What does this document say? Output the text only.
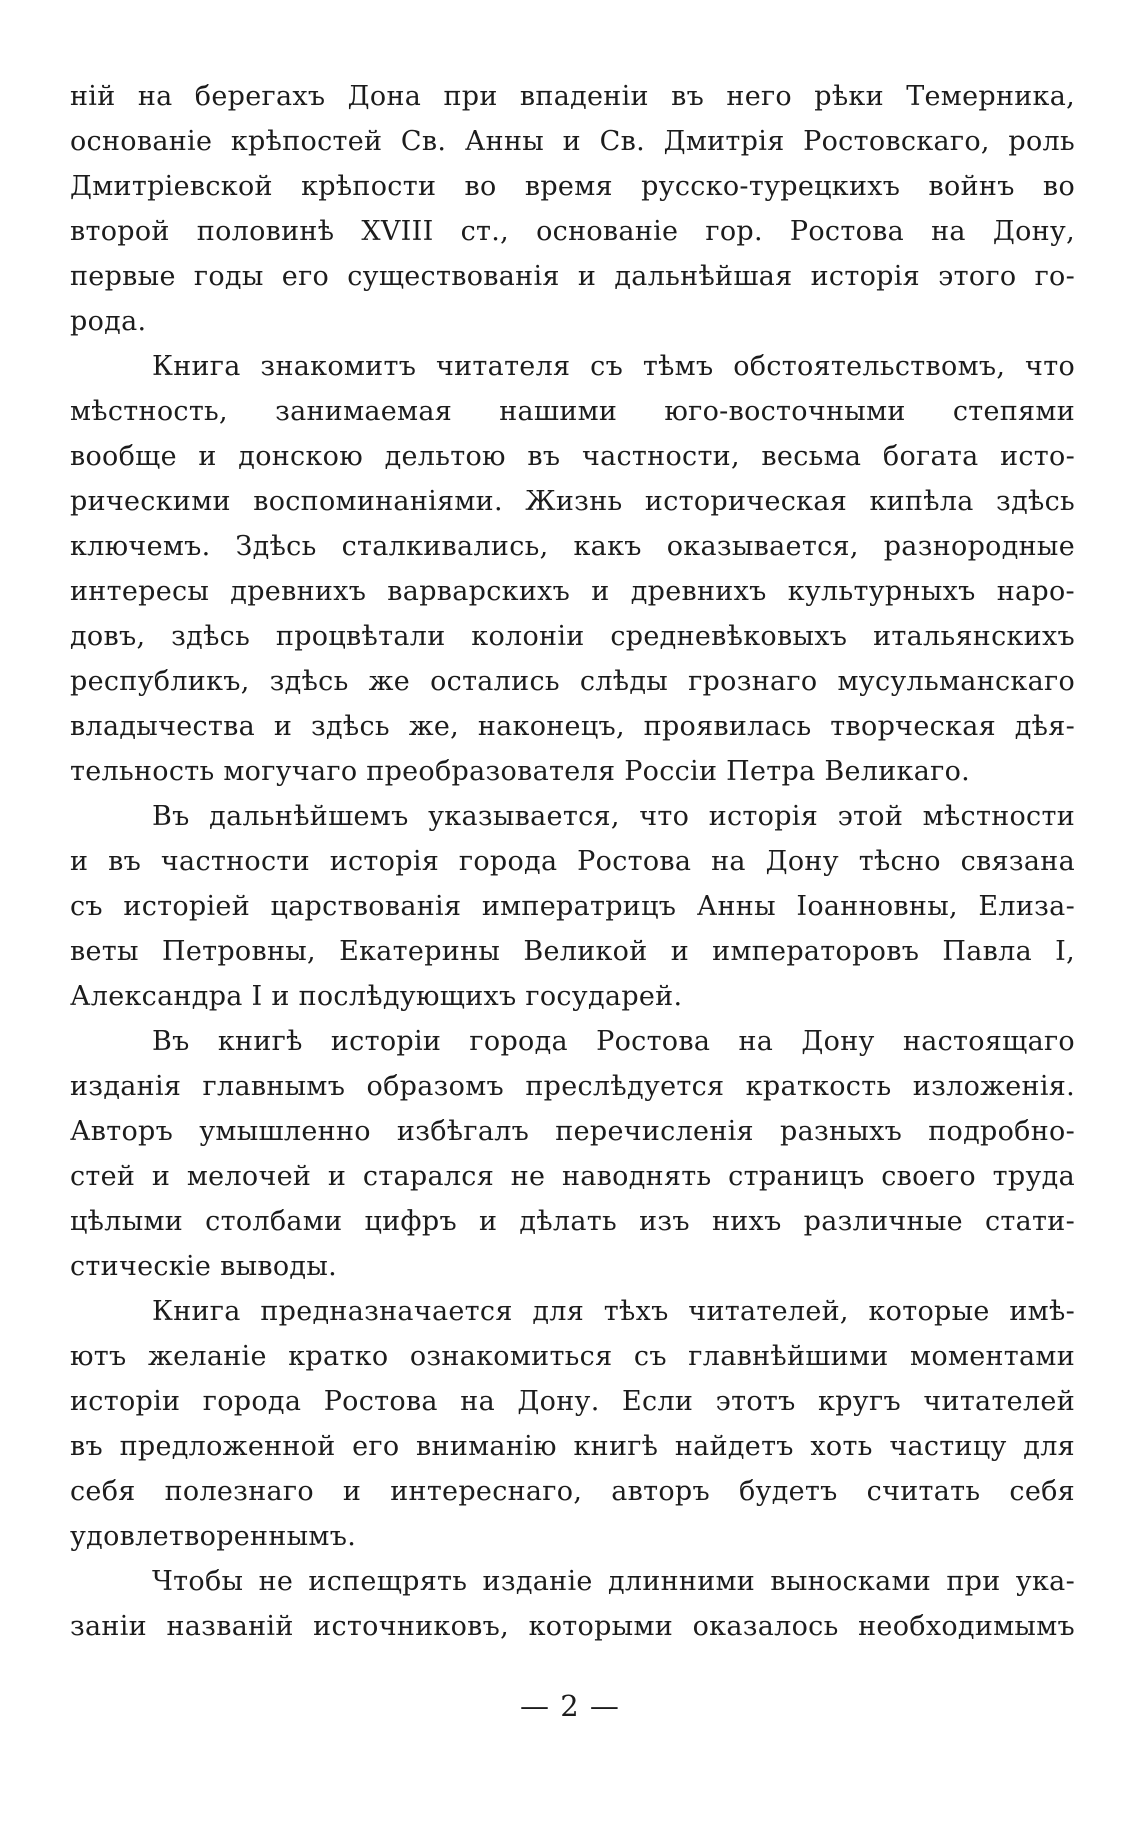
ній на берегахъ Дона при впаденіи въ него рѣки Темерника,
основаніе крѣпостей Св. Анны и Св. Дмитрія Ростовскаго, роль
Дмитріевской крѣпости во время русско-турецкихъ войнъ во
второй половинѣ XVIII ст., основаніе гор. Ростова на Дону,
первые годы его существованія и дальнѣйшая исторія этого го-
рода.
Книга знакомитъ читателя съ тѣмъ обстоятельствомъ, что
мѣстность, занимаемая нашими юго-восточными степями
вообще и донскою дельтою въ частности, весьма богата исто-
рическими воспоминаніями. Жизнь историческая кипѣла здѣсь
ключемъ. Здѣсь сталкивались, какъ оказывается, разнородные
интересы древнихъ варварскихъ и древнихъ культурныхъ наро-
довъ, здѣсь процвѣтали колоніи средневѣковыхъ итальянскихъ
республикъ, здѣсь же остались слѣды грознаго мусульманскаго
владычества и здѣсь же, наконецъ, проявилась творческая дѣя-
тельность могучаго преобразователя Россіи Петра Великаго.
Въ дальнѣйшемъ указывается, что исторія этой мѣстности
и въ частности исторія города Ростова на Дону тѣсно связана
съ исторіей царствованія императрицъ Анны Іоанновны, Елиза-
веты Петровны, Екатерины Великой и императоровъ Павла I,
Александра I и послѣдующихъ государей.
Въ книгѣ исторіи города Ростова на Дону настоящаго
изданія главнымъ образомъ преслѣдуется краткость изложенія.
Авторъ умышленно избѣгалъ перечисленія разныхъ подробно-
стей и мелочей и старался не наводнять страницъ своего труда
цѣлыми столбами цифръ и дѣлать изъ нихъ различные стати-
стическіе выводы.
Книга предназначается для тѣхъ читателей, которые имѣ-
ютъ желаніе кратко ознакомиться съ главнѣйшими моментами
исторіи города Ростова на Дону. Если этотъ кругъ читателей
въ предложенной его вниманію книгѣ найдетъ хоть частицу для
себя полезнаго и интереснаго, авторъ будетъ считать себя
удовлетвореннымъ.
Чтобы не испещрять изданіе длинними выносками при ука-
заніи названій источниковъ, которыми оказалось необходимымъ
— 2 —
